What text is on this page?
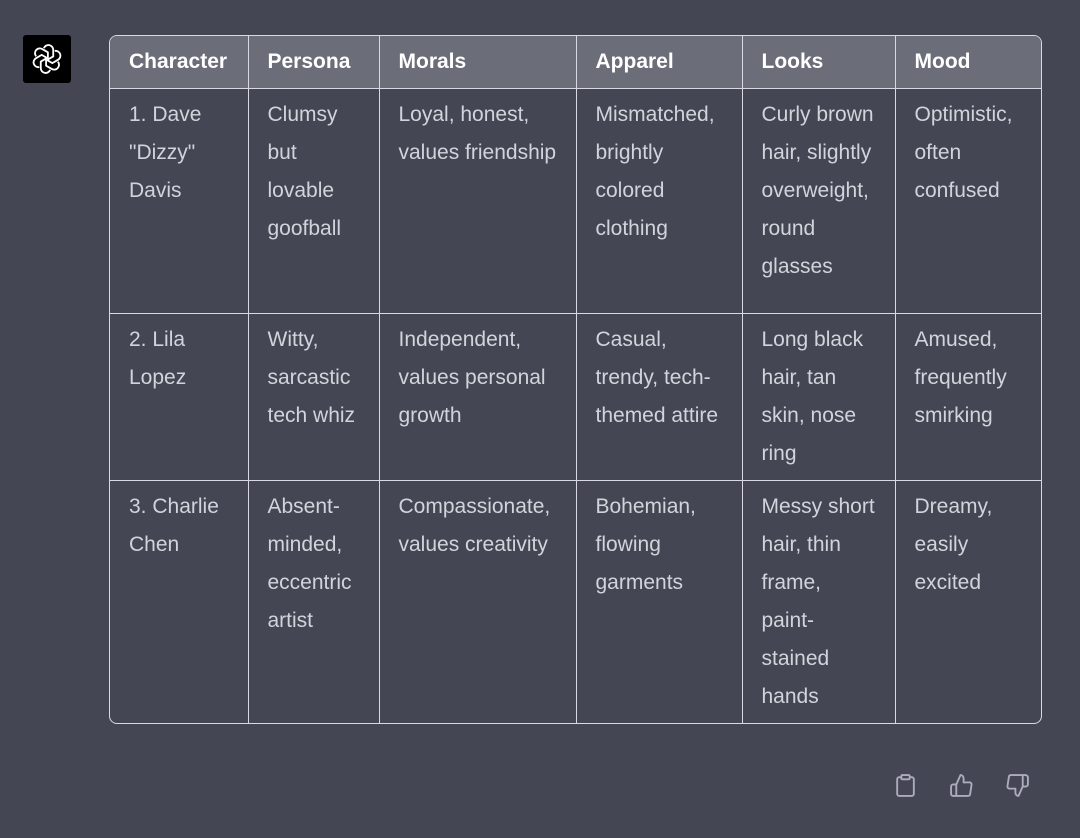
Character	Persona	Morals	Apparel	Looks	Mood
1. Dave "Dizzy" Davis	Clumsy but lovable goofball	Loyal, honest, values friendship	Mismatched, brightly colored clothing	Curly brown hair, slightly overweight, round glasses	Optimistic, often confused
2. Lila Lopez	Witty, sarcastic tech whiz	Independent, values personal growth	Casual, trendy, tech-themed attire	Long black hair, tan skin, nose ring	Amused, frequently smirking
3. Charlie Chen	Absent-minded, eccentric artist	Compassionate, values creativity	Bohemian, flowing garments	Messy short hair, thin frame, paint-stained hands	Dreamy, easily excited
